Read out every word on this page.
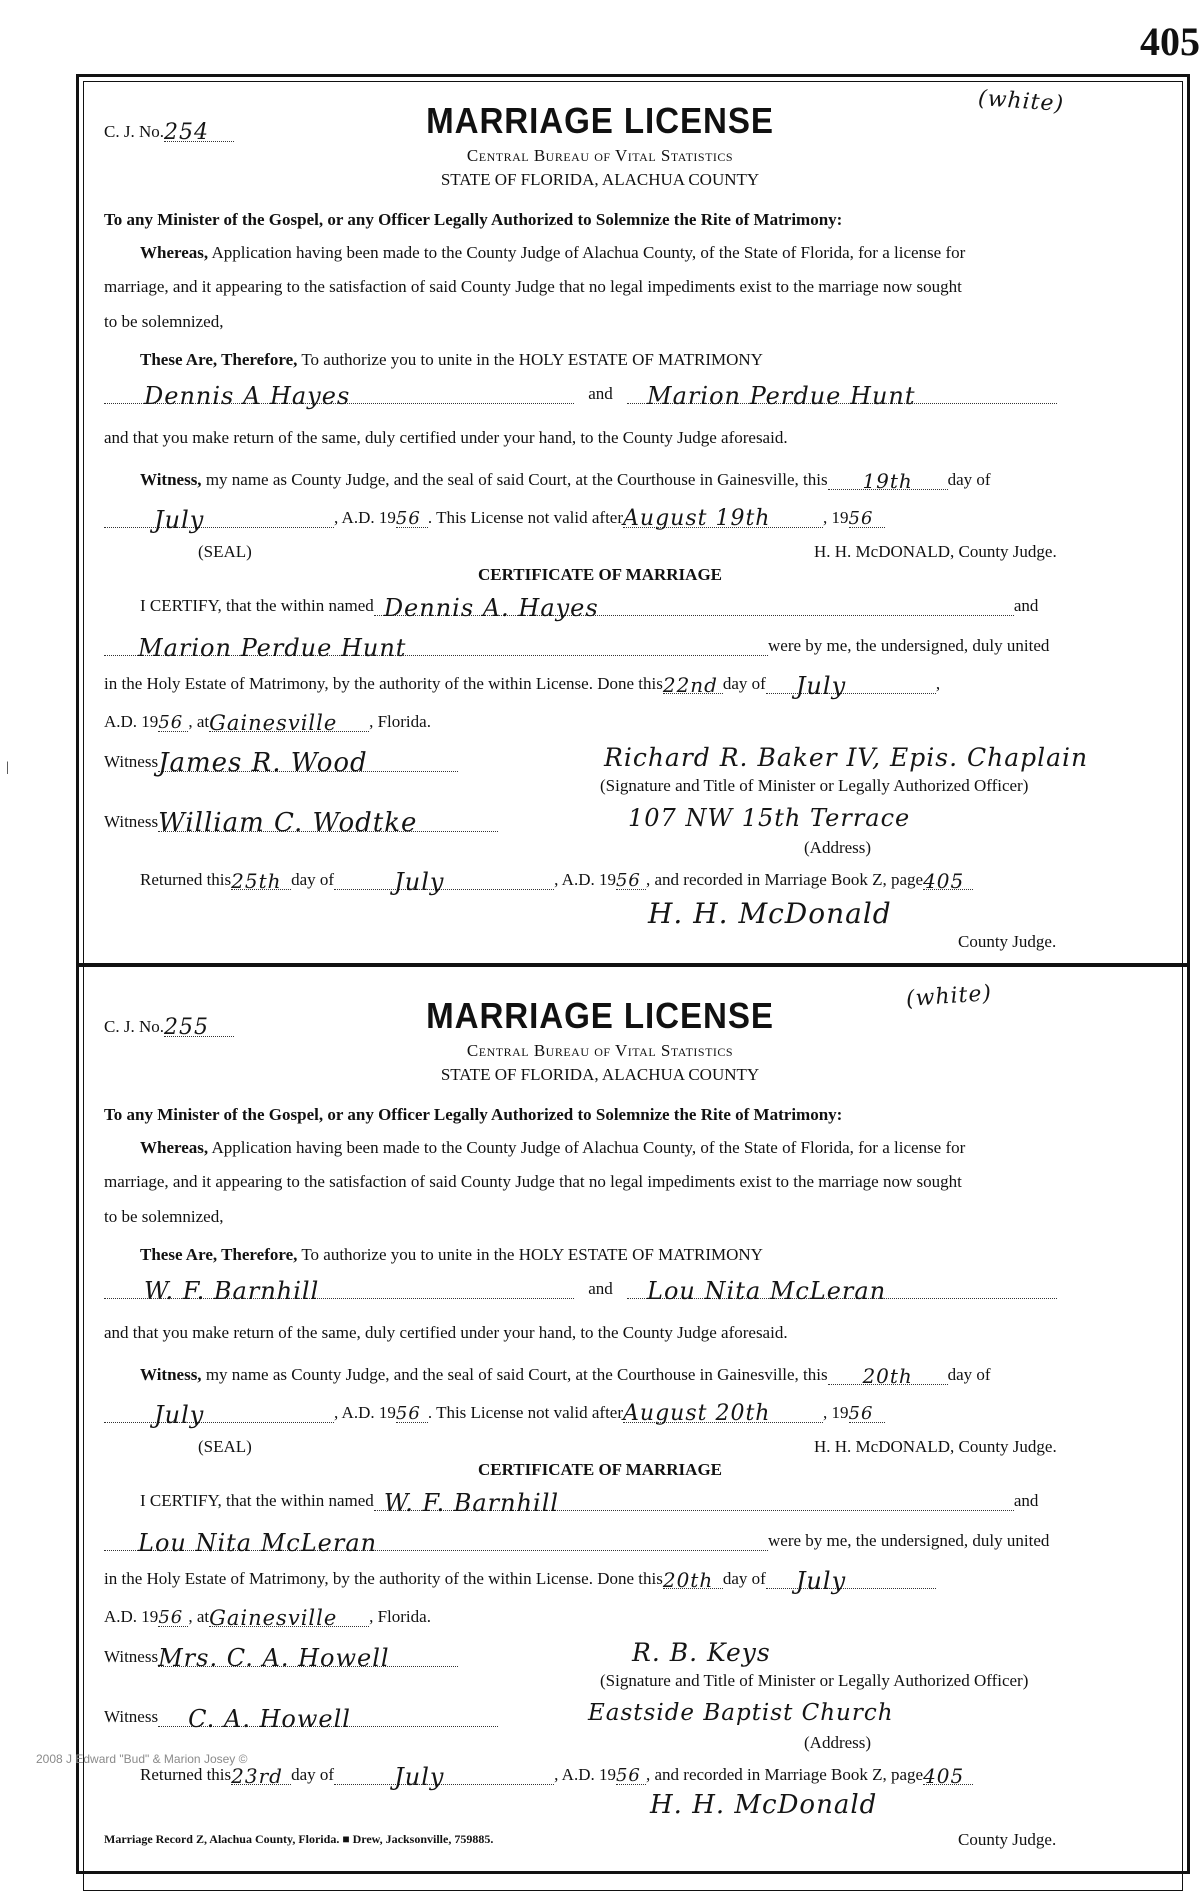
405
|
C. J. No.254	MARRIAGE LICENSE	(white)
Central Bureau of Vital Statistics
STATE OF FLORIDA, ALACHUA COUNTY
To any Minister of the Gospel, or any Officer Legally Authorized to Solemnize the Rite of Matrimony:
Whereas, Application having been made to the County Judge of Alachua County, of the State of Florida, for a license for
marriage, and it appearing to the satisfaction of said County Judge that no legal impediments exist to the marriage now sought
to be solemnized,
These Are, Therefore, To authorize you to unite in the HOLY ESTATE OF MATRIMONY
Dennis A Hayes	and Marion Perdue Hunt
and that you make return of the same, duly certified under your hand, to the County Judge aforesaid.
Witness, my name as County Judge, and the seal of said Court, at the Courthouse in Gainesville, this 19th day of
July	, A.D. 1956 . This License not valid afterAugust 19th	, 1956
(SEAL)	H. H. McDONALD, County Judge.
CERTIFICATE OF MARRIAGE
I CERTIFY, that the within named Dennis A. Hayes	and
Marion Perdue Hunt	were by me, the undersigned, duly united
in the Holy Estate of Matrimony, by the authority of the within License. Done this22nd day of July	,
A.D. 1956 , atGainesville , Florida.
WitnessJames R. Wood	Richard R. Baker IV, Epis. Chaplain
(Signature and Title of Minister or Legally Authorized Officer)
WitnessWilliam C. Wodtke	107 NW 15th Terrace
(Address)
Returned this25th day of	July	, A.D. 1956 , and recorded in Marriage Book Z, page405
H. H. McDonald
County Judge.
C. J. No.255	MARRIAGE LICENSE	(white)
Central Bureau of Vital Statistics
STATE OF FLORIDA, ALACHUA COUNTY
To any Minister of the Gospel, or any Officer Legally Authorized to Solemnize the Rite of Matrimony:
Whereas, Application having been made to the County Judge of Alachua County, of the State of Florida, for a license for
marriage, and it appearing to the satisfaction of said County Judge that no legal impediments exist to the marriage now sought
to be solemnized,
These Are, Therefore, To authorize you to unite in the HOLY ESTATE OF MATRIMONY
W. F. Barnhill	and Lou Nita McLeran
and that you make return of the same, duly certified under your hand, to the County Judge aforesaid.
Witness, my name as County Judge, and the seal of said Court, at the Courthouse in Gainesville, this 20th day of
July	, A.D. 1956 . This License not valid afterAugust 20th	, 1956
(SEAL)	H. H. McDONALD, County Judge.
CERTIFICATE OF MARRIAGE
I CERTIFY, that the within named W. F. Barnhill	and
Lou Nita McLeran	were by me, the undersigned, duly united
in the Holy Estate of Matrimony, by the authority of the within License. Done this20th day of July
A.D. 1956 , atGainesville , Florida.
WitnessMrs. C. A. Howell	R. B. Keys
(Signature and Title of Minister or Legally Authorized Officer)
Witness C. A. Howell	Eastside Baptist Church
(Address)
Returned this23rd day of	July	, A.D. 1956 , and recorded in Marriage Book Z, page405
H. H. McDonald
County Judge.
2008 J Edward "Bud" & Marion Josey ©
Marriage Record Z, Alachua County, Florida. ■ Drew, Jacksonville, 759885.
